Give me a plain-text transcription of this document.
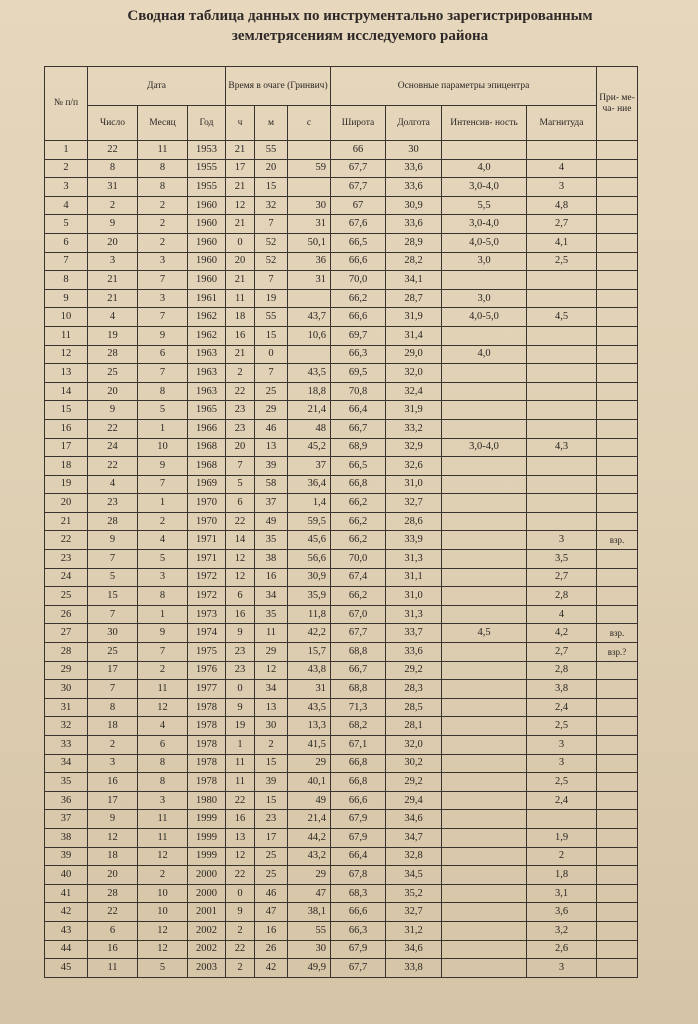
Сводная таблица данных по инструментально зарегистрированным
землетрясениям исследуемого района
№ п/п	Дата			Время в очаге (Гринвич)			Основные параметры эпицентра				При- ме- ча- ние
	Число	Месяц	Год	ч	м	с	Широта	Долгота	Интенсив- ность	Магнитуда	
1	22	11	1953	21	55		66	30			
2	8	8	1955	17	20	59	67,7	33,6	4,0	4	
3	31	8	1955	21	15		67,7	33,6	3,0-4,0	3	
4	2	2	1960	12	32	30	67	30,9	5,5	4,8	
5	9	2	1960	21	7	31	67,6	33,6	3,0-4,0	2,7	
6	20	2	1960	0	52	50,1	66,5	28,9	4,0-5,0	4,1	
7	3	3	1960	20	52	36	66,6	28,2	3,0	2,5	
8	21	7	1960	21	7	31	70,0	34,1			
9	21	3	1961	11	19		66,2	28,7	3,0		
10	4	7	1962	18	55	43,7	66,6	31,9	4,0-5,0	4,5	
11	19	9	1962	16	15	10,6	69,7	31,4			
12	28	6	1963	21	0		66,3	29,0	4,0		
13	25	7	1963	2	7	43,5	69,5	32,0			
14	20	8	1963	22	25	18,8	70,8	32,4			
15	9	5	1965	23	29	21,4	66,4	31,9			
16	22	1	1966	23	46	48	66,7	33,2			
17	24	10	1968	20	13	45,2	68,9	32,9	3,0-4,0	4,3	
18	22	9	1968	7	39	37	66,5	32,6			
19	4	7	1969	5	58	36,4	66,8	31,0			
20	23	1	1970	6	37	1,4	66,2	32,7			
21	28	2	1970	22	49	59,5	66,2	28,6			
22	9	4	1971	14	35	45,6	66,2	33,9		3	взр.
23	7	5	1971	12	38	56,6	70,0	31,3		3,5	
24	5	3	1972	12	16	30,9	67,4	31,1		2,7	
25	15	8	1972	6	34	35,9	66,2	31,0		2,8	
26	7	1	1973	16	35	11,8	67,0	31,3		4	
27	30	9	1974	9	11	42,2	67,7	33,7	4,5	4,2	взр.
28	25	7	1975	23	29	15,7	68,8	33,6		2,7	взр.?
29	17	2	1976	23	12	43,8	66,7	29,2		2,8	
30	7	11	1977	0	34	31	68,8	28,3		3,8	
31	8	12	1978	9	13	43,5	71,3	28,5		2,4	
32	18	4	1978	19	30	13,3	68,2	28,1		2,5	
33	2	6	1978	1	2	41,5	67,1	32,0		3	
34	3	8	1978	11	15	29	66,8	30,2		3	
35	16	8	1978	11	39	40,1	66,8	29,2		2,5	
36	17	3	1980	22	15	49	66,6	29,4		2,4	
37	9	11	1999	16	23	21,4	67,9	34,6			
38	12	11	1999	13	17	44,2	67,9	34,7		1,9	
39	18	12	1999	12	25	43,2	66,4	32,8		2	
40	20	2	2000	22	25	29	67,8	34,5		1,8	
41	28	10	2000	0	46	47	68,3	35,2		3,1	
42	22	10	2001	9	47	38,1	66,6	32,7		3,6	
43	6	12	2002	2	16	55	66,3	31,2		3,2	
44	16	12	2002	22	26	30	67,9	34,6		2,6	
45	11	5	2003	2	42	49,9	67,7	33,8		3	
